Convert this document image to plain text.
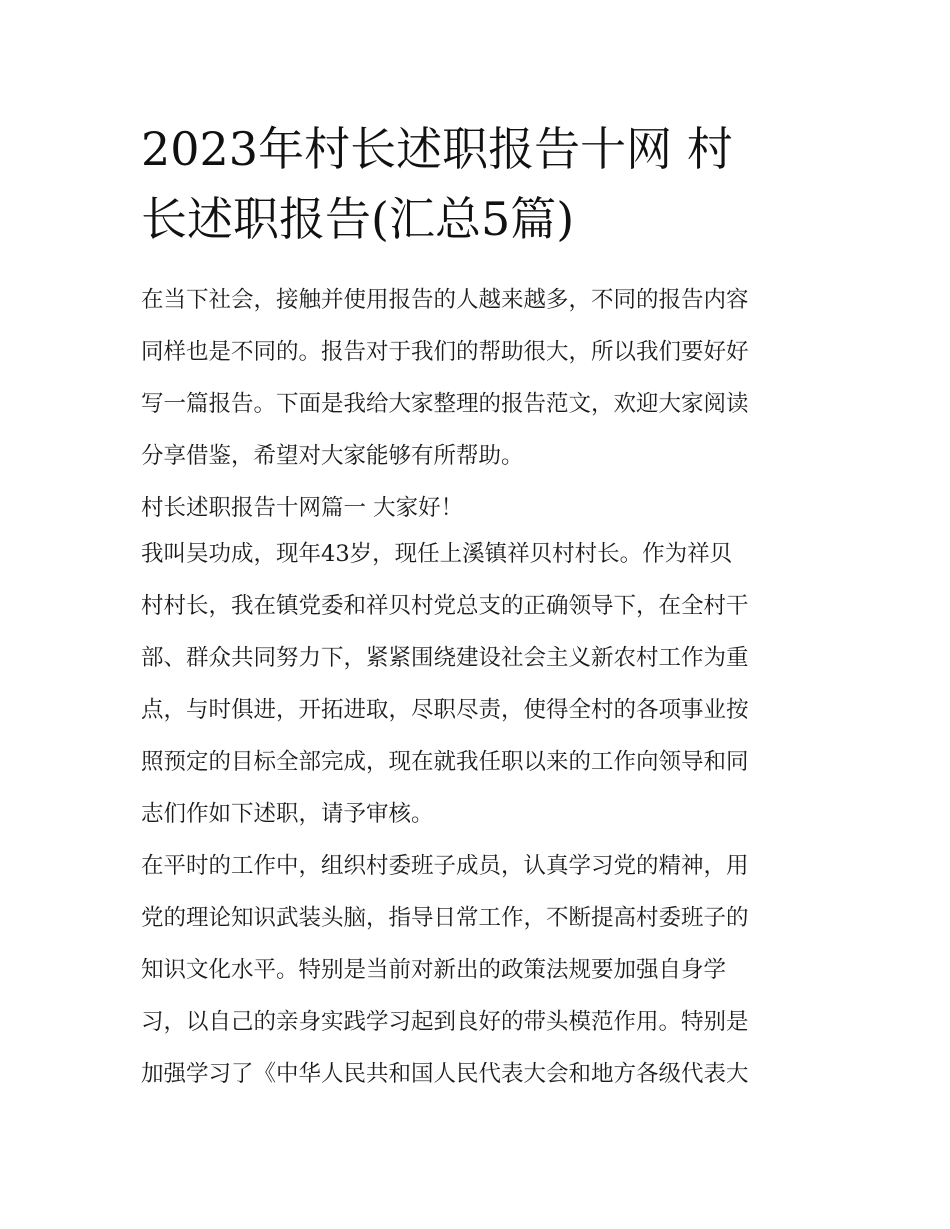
2023年村长述职报告十网 村
长述职报告(汇总5篇)
在当下社会，接触并使用报告的人越来越多，不同的报告内容
同样也是不同的。报告对于我们的帮助很大，所以我们要好好
写一篇报告。下面是我给大家整理的报告范文，欢迎大家阅读
分享借鉴，希望对大家能够有所帮助。
村长述职报告十网篇一 大家好！
我叫吴功成，现年43岁，现任上溪镇祥贝村村长。作为祥贝
村村长，我在镇党委和祥贝村党总支的正确领导下，在全村干
部、群众共同努力下，紧紧围绕建设社会主义新农村工作为重
点，与时俱进，开拓进取，尽职尽责，使得全村的各项事业按
照预定的目标全部完成，现在就我任职以来的工作向领导和同
志们作如下述职，请予审核。
在平时的工作中，组织村委班子成员，认真学习党的精神，用
党的理论知识武装头脑，指导日常工作，不断提高村委班子的
知识文化水平。特别是当前对新出的政策法规要加强自身学
习，以自己的亲身实践学习起到良好的带头模范作用。特别是
加强学习了《中华人民共和国人民代表大会和地方各级代表大
